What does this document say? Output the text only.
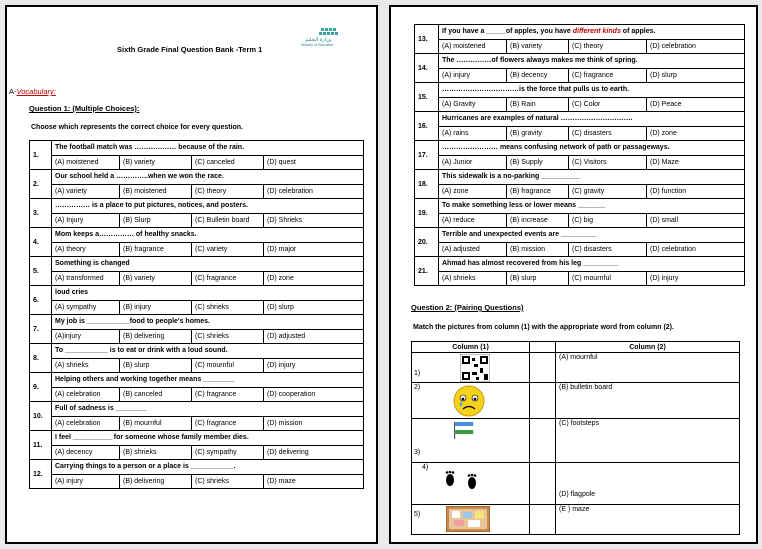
Sixth Grade Final Question Bank -Term 1
وزارة التعليم
Ministry of Education
A-Vocabulary:
Question 1: (Multiple Choices):
Choose which represents the correct choice for every question.
1.	The football match was ……………… because of the rain.			
	(A) moistened	(B) variety	(C) canceled	(D) quest
2.	Our school held a …………..when we won the race.			
	(A) variety	(B) moistened	(C) theory	(D) celebration
3.	…………… is a place to put pictures, notices, and posters.			
	(A) Injury	(B) Slurp	(C) Bulletin board	(D) Shrieks
4.	Mom keeps a…………… of healthy snacks.			
	(A) theory	(B) fragrance	(C) variety	(D) major
5.	Something is changed			
	(A) transformed	(B) variety	(C) fragrance	(D) zone
6.	loud cries			
	(A) sympathy	(B) injury	(C) shrieks	(D) slurp
7.	My job is ___________food to people's homes.			
	(A)injury	(B) delivering	(C) shrieks	(D) adjusted
8.	To ___________ is to eat or drink with a loud sound.			
	(A) shrieks	(B) slurp	(C) mournful	(D) injury
9.	Helping others and working together means ________			
	(A) celebration	(B) canceled	(C) fragrance	(D) cooperation
10.	Full of sadness is ________			
	(A) celebration	(B) mournful	(C) fragrance	(D) mission
11.	I feel __________ for someone whose family member dies.			
	(A) decency	(B) shrieks	(C) sympathy	(D) delivering
12.	Carrying things to a person or a place is ___________.			
	(A) injury	(B) delivering	(C) shrieks	(D) maze
13.	If you have a _____of apples, you have different kinds of apples.			
	(A) moistened	(B) variety	(C) theory	(D) celebration
14.	The ……………of flowers always makes me think of spring.			
	(A) injury	(B) decency	(C) fragrance	(D) slurp
15.	……………………………is the force that pulls us to earth.			
	(A) Gravity	(B) Rain	(C) Color	(D) Peace
16.	Hurricanes are examples of natural ………………………….			
	(A) rains	(B) gravity	(C) disasters	(D) zone
17.	…………………… means confusing network of path or passageways.			
	(A) Junior	(B) Supply	(C) Visitors	(D) Maze
18.	This sidewalk is a no-parking __________			
	(A) zone	(B) fragrance	(C) gravity	(D) function
19.	To make something less or lower means _______			
	(A) reduce	(B) increase	(C) big	(D) small
20.	Terrible and unexpected events are _________			
	(A) adjusted	(B) mission	(C) disasters	(D) celebration
21.	Ahmad has almost recovered from his leg _________			
	(A) shrieks	(B) slurp	(C) mournful	(D) injury
Question 2: (Pairing Questions)
Match the pictures from column (1) with the appropriate word from column (2).
Column (1)		Column (2)

1)		(A) mournful

2)		(B) bulletin board

3)		(C) footsteps

4)		(D) flagpole

5)		(E ) maze
